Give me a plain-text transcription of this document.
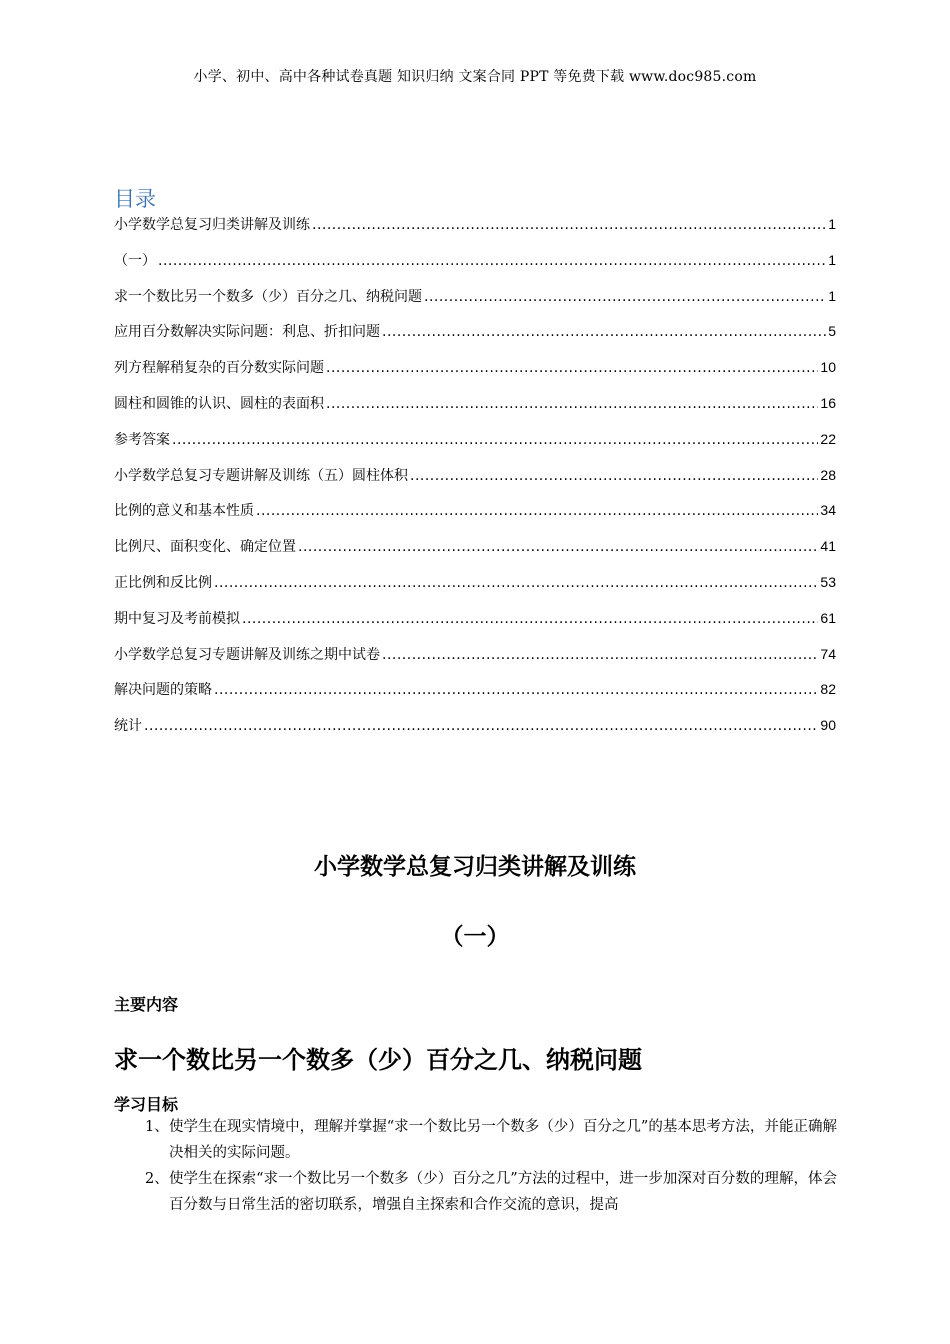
小学、初中、高中各种试卷真题 知识归纳 文案合同 PPT 等免费下载 www.doc985.com
目录
小学数学总复习归类讲解及训练 .....	1
（一） .....	1
求一个数比另一个数多（少）百分之几、纳税问题 .....	1
应用百分数解决实际问题：利息、折扣问题 .....	5
列方程解稍复杂的百分数实际问题 .....	10
圆柱和圆锥的认识、圆柱的表面积 .....	16
参考答案 .....	22
小学数学总复习专题讲解及训练（五）圆柱体积 .....	28
比例的意义和基本性质 .....	34
比例尺、面积变化、确定位置 .....	41
正比例和反比例 .....	53
期中复习及考前模拟 .....	61
小学数学总复习专题讲解及训练之期中试卷 .....	74
解决问题的策略 .....	82
统计 .....	90
小学数学总复习归类讲解及训练
（一）
主要内容
求一个数比另一个数多（少）百分之几、纳税问题
学习目标
1、 使学生在现实情境中，理解并掌握“求一个数比另一个数多（少）百分之几”的基本思考方法，并能正确解决相关的实际问题。
2、 使学生在探索“求一个数比另一个数多（少）百分之几”方法的过程中，进一步加深对百分数的理解，体会百分数与日常生活的密切联系，增强自主探索和合作交流的意识，提高
